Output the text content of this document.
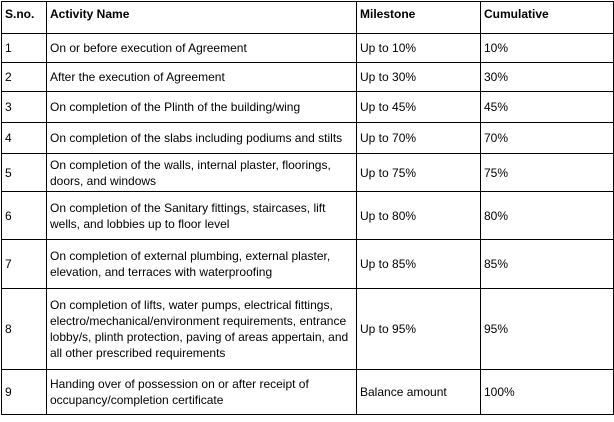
S.no.	Activity Name	Milestone	Cumulative
1	On or before execution of Agreement	Up to 10%	10%
2	After the execution of Agreement	Up to 30%	30%
3	On completion of the Plinth of the building/wing	Up to 45%	45%
4	On completion of the slabs including podiums and stilts	Up to 70%	70%
5	On completion of the walls, internal plaster, floorings, doors, and windows	Up to 75%	75%
6	On completion of the Sanitary fittings, staircases, lift wells, and lobbies up to floor level	Up to 80%	80%
7	On completion of external plumbing, external plaster, elevation, and terraces with waterproofing	Up to 85%	85%
8	On completion of lifts, water pumps, electrical fittings, electro/mechanical/environment requirements, entrance lobby/s, plinth protection, paving of areas appertain, and all other prescribed requirements	Up to 95%	95%
9	Handing over of possession on or after receipt of occupancy/completion certificate	Balance amount	100%
